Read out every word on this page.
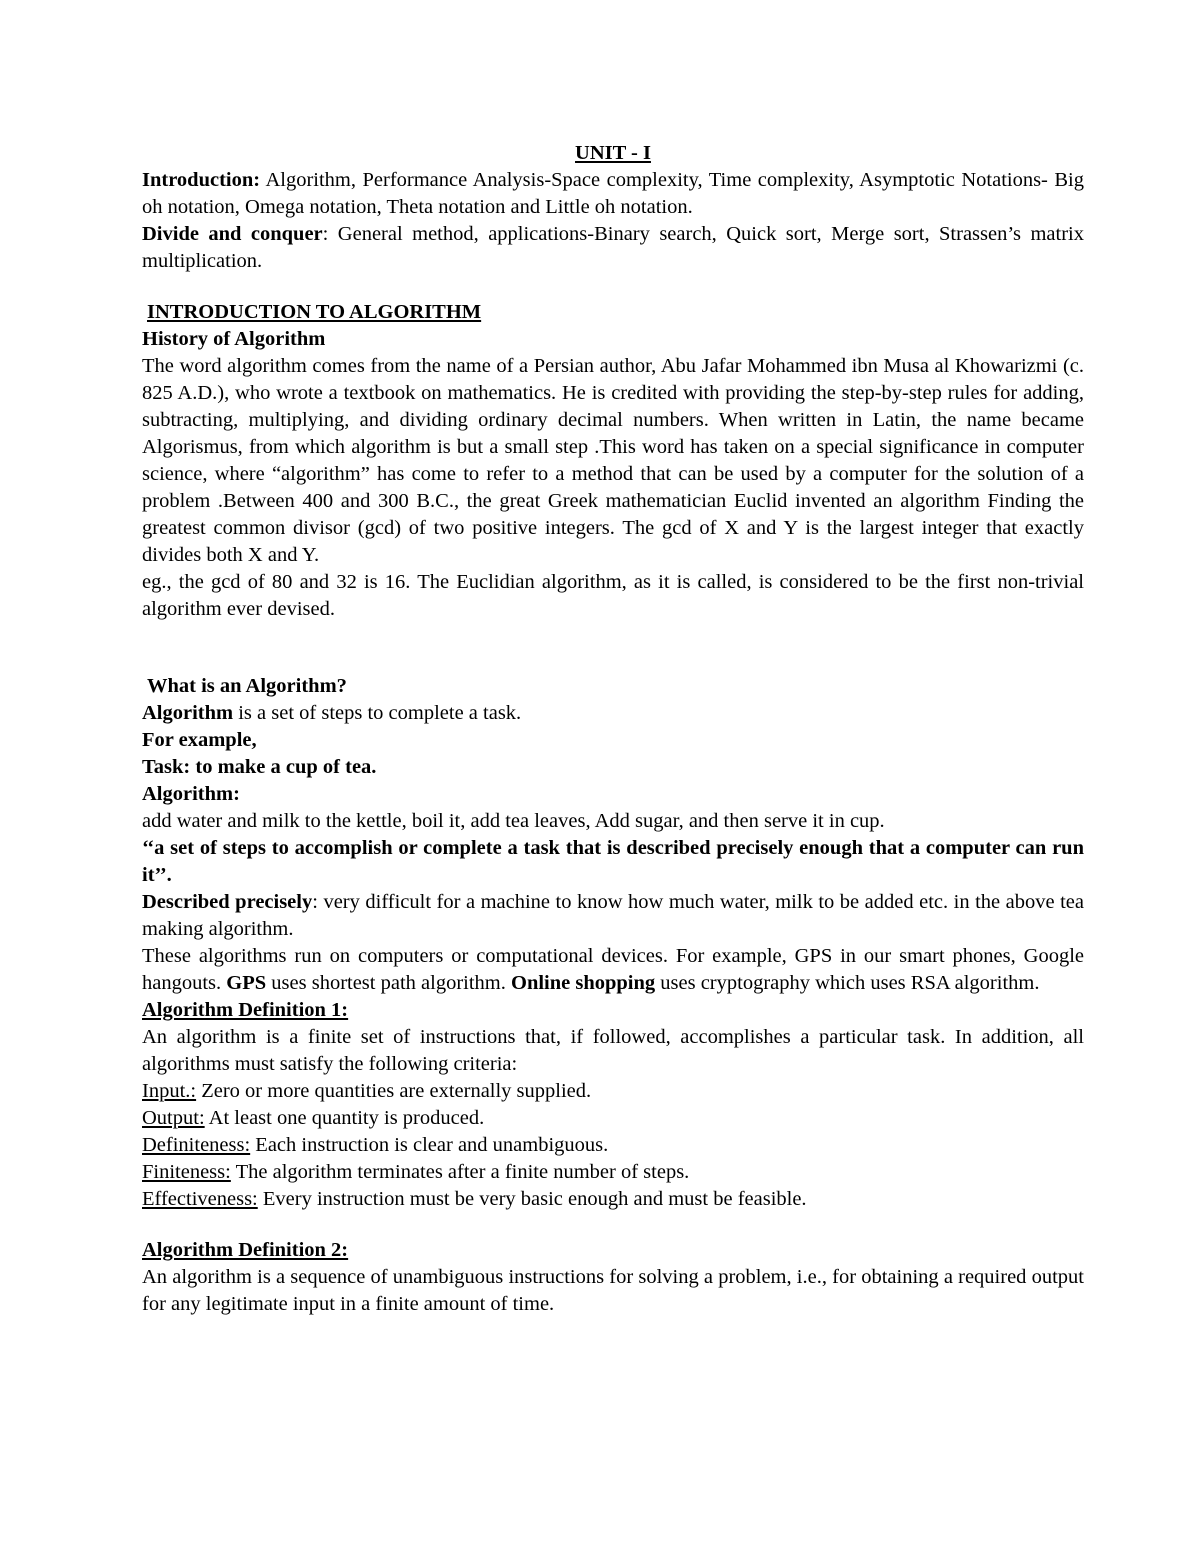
UNIT - I

Introduction: Algorithm, Performance Analysis-Space complexity, Time complexity, Asymptotic Notations- Big oh notation, Omega notation, Theta notation and Little oh notation.

Divide and conquer: General method, applications-Binary search, Quick sort, Merge sort, Strassen’s matrix multiplication.

INTRODUCTION TO ALGORITHM

History of Algorithm

The word algorithm comes from the name of a Persian author, Abu Jafar Mohammed ibn Musa al Khowarizmi (c. 825 A.D.), who wrote a textbook on mathematics. He is credited with providing the step-by-step rules for adding, subtracting, multiplying, and dividing ordinary decimal numbers. When written in Latin, the name became Algorismus, from which algorithm is but a small step .This word has taken on a special significance in computer science, where “algorithm” has come to refer to a method that can be used by a computer for the solution of a problem .Between 400 and 300 B.C., the great Greek mathematician Euclid invented an algorithm Finding the greatest common divisor (gcd) of two positive integers. The gcd of X and Y is the largest integer that exactly divides both X and Y.

eg., the gcd of 80 and 32 is 16. The Euclidian algorithm, as it is called, is considered to be the first non-trivial algorithm ever devised.

What is an Algorithm?

Algorithm is a set of steps to complete a task.

For example,

Task: to make a cup of tea.

Algorithm:

add water and milk to the kettle, boil it, add tea leaves, Add sugar, and then serve it in cup.

‘‘a set of steps to accomplish or complete a task that is described precisely enough that a computer can run it’’.

Described precisely: very difficult for a machine to know how much water, milk to be added etc. in the above tea making algorithm.

These algorithms run on computers or computational devices. For example, GPS in our smart phones, Google hangouts. GPS uses shortest path algorithm. Online shopping uses cryptography which uses RSA algorithm.

Algorithm Definition 1:

An algorithm is a finite set of instructions that, if followed, accomplishes a particular task. In addition, all algorithms must satisfy the following criteria:

Input.: Zero or more quantities are externally supplied.

Output: At least one quantity is produced.

Definiteness: Each instruction is clear and unambiguous.

Finiteness: The algorithm terminates after a finite number of steps.

Effectiveness: Every instruction must be very basic enough and must be feasible.

Algorithm Definition 2:

An algorithm is a sequence of unambiguous instructions for solving a problem, i.e., for obtaining a required output for any legitimate input in a finite amount of time.
